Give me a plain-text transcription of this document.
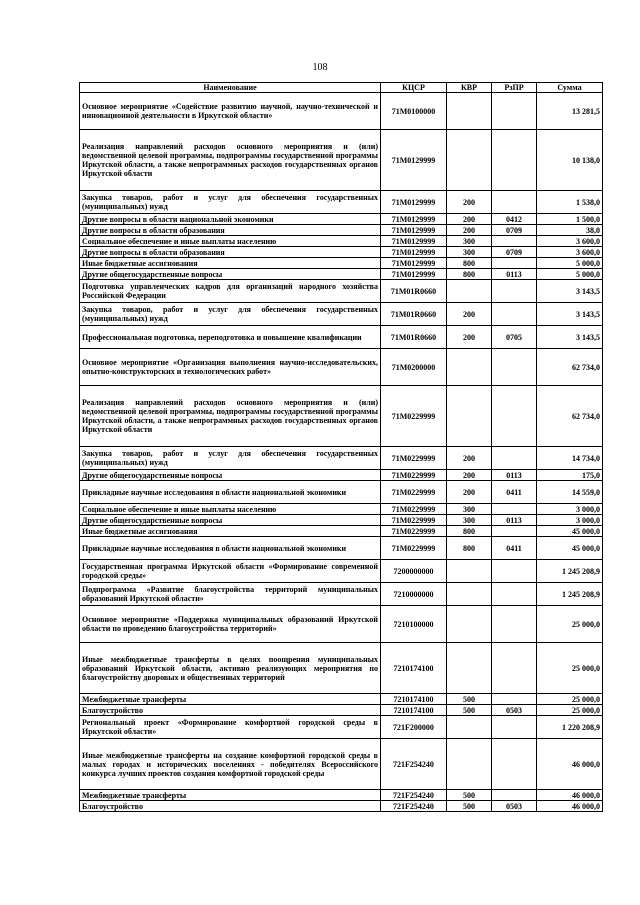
108
Наименование	КЦСР	КВР	РзПР	Сумма
Основное мероприятие «Содействие развитию научной, научно-технической и инновационной деятельности в Иркутской области»	71М0100000			13 281,5
Реализация направлений расходов основного мероприятия и (или) ведомственной целевой программы, подпрограммы государственной программы Иркутской области, а также непрограммных расходов государственных органов Иркутской области	71М0129999			10 138,0
Закупка товаров, работ и услуг для обеспечения государственных (муниципальных) нужд	71М0129999	200		1 538,0
Другие вопросы в области национальной экономики	71М0129999	200	0412	1 500,0
Другие вопросы в области образования	71М0129999	200	0709	38,0
Социальное обеспечение и иные выплаты населению	71М0129999	300		3 600,0
Другие вопросы в области образования	71М0129999	300	0709	3 600,0
Иные бюджетные ассигнования	71М0129999	800		5 000,0
Другие общегосударственные вопросы	71М0129999	800	0113	5 000,0
Подготовка управленческих кадров для организаций народного хозяйства Российской Федерации	71М01R0660			3 143,5
Закупка товаров, работ и услуг для обеспечения государственных (муниципальных) нужд	71М01R0660	200		3 143,5
Профессиональная подготовка, переподготовка и повышение квалификации	71М01R0660	200	0705	3 143,5
Основное мероприятие «Организация выполнения научно-исследовательских, опытно-конструкторских и технологических работ»	71М0200000			62 734,0
Реализация направлений расходов основного мероприятия и (или) ведомственной целевой программы, подпрограммы государственной программы Иркутской области, а также непрограммных расходов государственных органов Иркутской области	71М0229999			62 734,0
Закупка товаров, работ и услуг для обеспечения государственных (муниципальных) нужд	71М0229999	200		14 734,0
Другие общегосударственные вопросы	71М0229999	200	0113	175,0
Прикладные научные исследования в области национальной экономики	71М0229999	200	0411	14 559,0
Социальное обеспечение и иные выплаты населению	71М0229999	300		3 000,0
Другие общегосударственные вопросы	71М0229999	300	0113	3 000,0
Иные бюджетные ассигнования	71М0229999	800		45 000,0
Прикладные научные исследования в области национальной экономики	71М0229999	800	0411	45 000,0
Государственная программа Иркутской области «Формирование современной городской среды»	7200000000			1 245 208,9
Подпрограмма «Развитие благоустройства территорий муниципальных образований Иркутской области»	7210000000			1 245 208,9
Основное мероприятие «Поддержка муниципальных образований Иркутской области по проведению благоустройства территорий»	7210100000			25 000,0
Иные межбюджетные трансферты в целях поощрения муниципальных образований Иркутской области, активно реализующих мероприятия по благоустройству дворовых и общественных территорий	7210174100			25 000,0
Межбюджетные трансферты	7210174100	500		25 000,0
Благоустройство	7210174100	500	0503	25 000,0
Региональный проект «Формирование комфортной городской среды в Иркутской области»	721F200000			1 220 208,9
Иные межбюджетные трансферты на создание комфортной городской среды в малых городах и исторических поселениях - победителях Всероссийского конкурса лучших проектов создания комфортной городской среды	721F254240			46 000,0
Межбюджетные трансферты	721F254240	500		46 000,0
Благоустройство	721F254240	500	0503	46 000,0
